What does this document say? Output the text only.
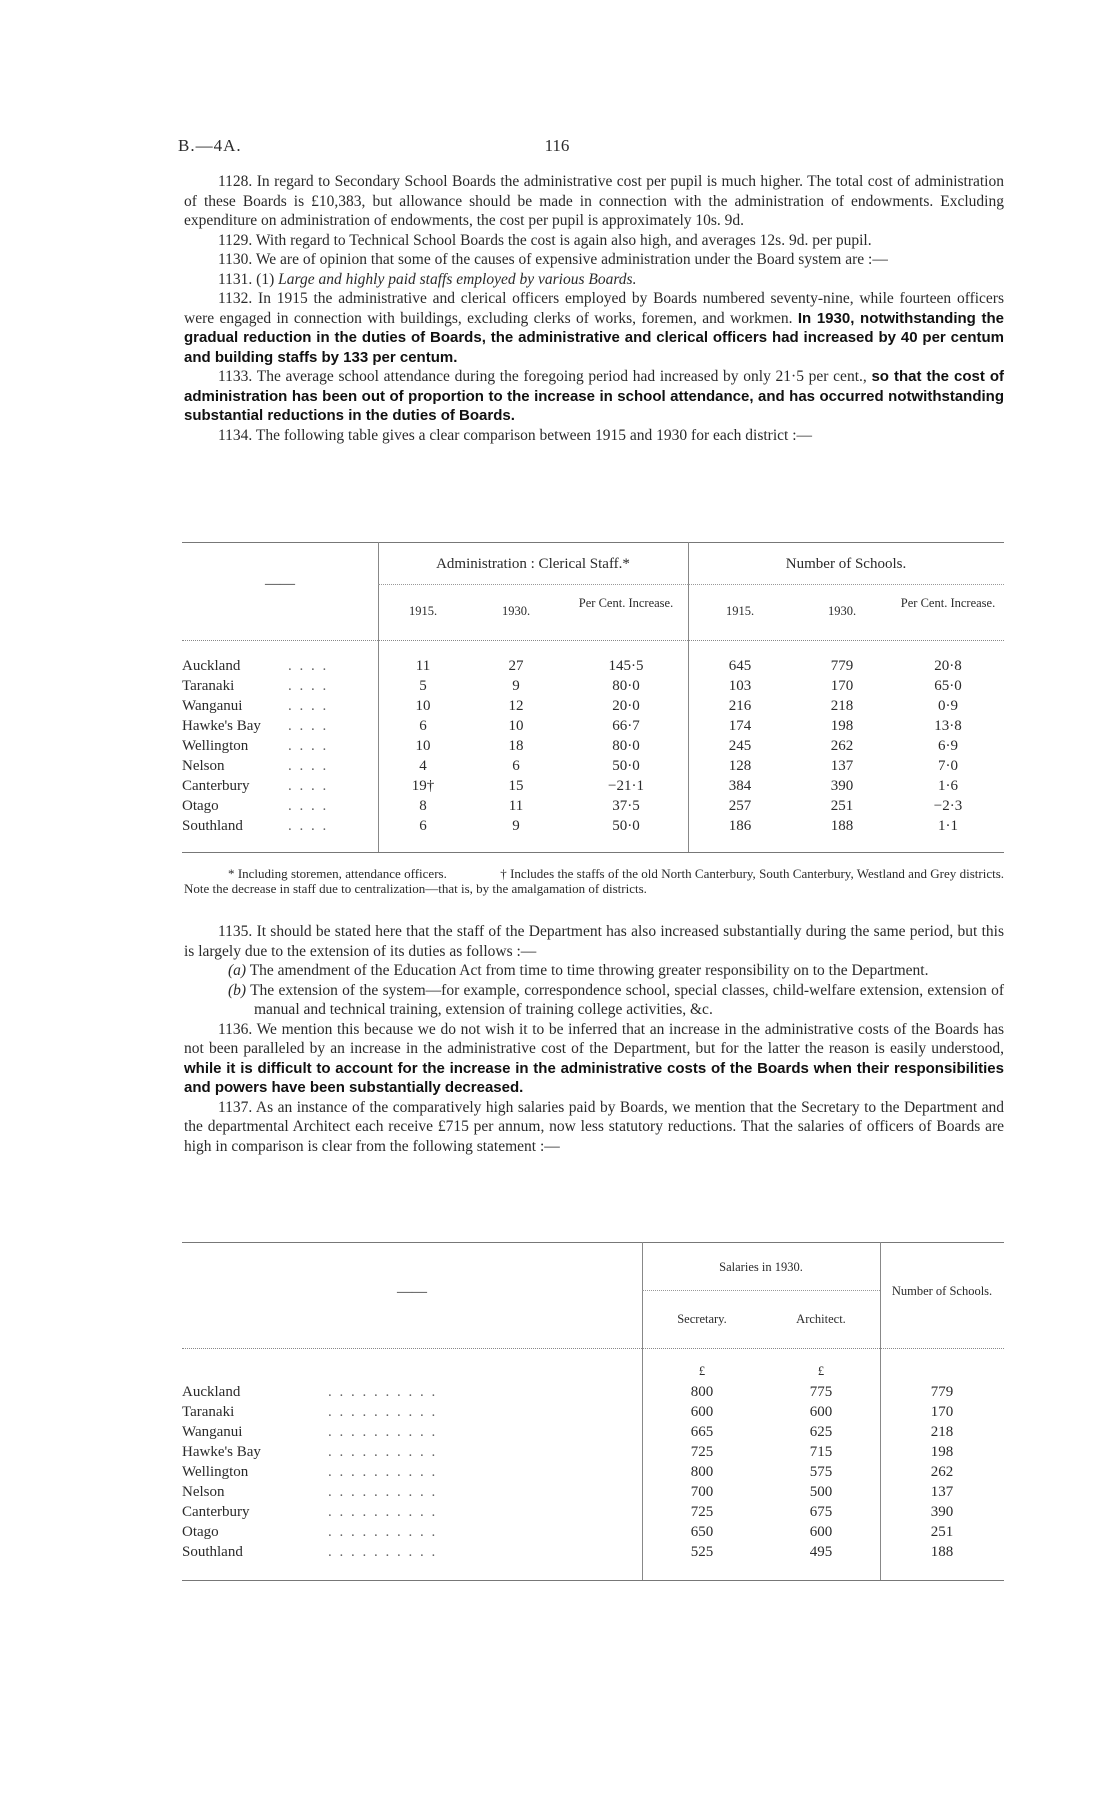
B.—4A.	116

1128. In regard to Secondary School Boards the administrative cost per pupil is much higher. The total cost of administration of these Boards is £10,383, but allowance should be made in connection with the administration of endowments. Excluding expenditure on administration of endowments, the cost per pupil is approximately 10s. 9d.

1129. With regard to Technical School Boards the cost is again also high, and averages 12s. 9d. per pupil.

1130. We are of opinion that some of the causes of expensive administration under the Board system are :—

1131. (1) Large and highly paid staffs employed by various Boards.

1132. In 1915 the administrative and clerical officers employed by Boards numbered seventy-nine, while fourteen officers were engaged in connection with buildings, excluding clerks of works, foremen, and workmen. In 1930, notwithstanding the gradual reduction in the duties of Boards, the administrative and clerical officers had increased by 40 per centum and building staffs by 133 per centum.

1133. The average school attendance during the foregoing period had increased by only 21·5 per cent., so that the cost of administration has been out of proportion to the increase in school attendance, and has occurred notwithstanding substantial reductions in the duties of Boards.

1134. The following table gives a clear comparison between 1915 and 1930 for each district :—

Administration : Clerical Staff.*	Number of Schools.
——
1915.	1930.
Per Cent. Increase.
1915.	1930.
Per Cent. Increase.
Auckland	. . . .	11	27	145·5	645	779	20·8
Taranaki	. . . .	5	9	80·0	103	170	65·0
Wanganui	. . . .	10	12	20·0	216	218	0·9
Hawke's Bay	. . . .	6	10	66·7	174	198	13·8
Wellington	. . . .	10	18	80·0	245	262	6·9
Nelson	. . . .	4	6	50·0	128	137	7·0
Canterbury	. . . .	19†	15	−21·1	384	390	1·6
Otago	. . . .	8	11	37·5	257	251	−2·3
Southland	. . . .	6	9	50·0	186	188	1·1
* Including storemen, attendance officers.	† Includes the staffs of the old North Canterbury, South Canterbury, Westland and Grey districts. Note the decrease in staff due to centralization—that is, by the amalgamation of districts.

1135. It should be stated here that the staff of the Department has also increased substantially during the same period, but this is largely due to the extension of its duties as follows :—

(a) The amendment of the Education Act from time to time throwing greater responsibility on to the Department.

(b) The extension of the system—for example, correspondence school, special classes, child-welfare extension, extension of manual and technical training, extension of training college activities, &c.

1136. We mention this because we do not wish it to be inferred that an increase in the administrative costs of the Boards has not been paralleled by an increase in the administrative cost of the Department, but for the latter the reason is easily understood, while it is difficult to account for the increase in the administrative costs of the Boards when their responsibilities and powers have been substantially decreased.

1137. As an instance of the comparatively high salaries paid by Boards, we mention that the Secretary to the Department and the departmental Architect each receive £715 per annum, now less statutory reductions. That the salaries of officers of Boards are high in comparison is clear from the following statement :—

——
Salaries in 1930.
Secretary.	Architect.
Number of Schools.
£	£
Auckland	. . . . . . . . . .	800	775	779
Taranaki	. . . . . . . . . .	600	600	170
Wanganui	. . . . . . . . . .	665	625	218
Hawke's Bay	. . . . . . . . . .	725	715	198
Wellington	. . . . . . . . . .	800	575	262
Nelson	. . . . . . . . . .	700	500	137
Canterbury	. . . . . . . . . .	725	675	390
Otago	. . . . . . . . . .	650	600	251
Southland	. . . . . . . . . .	525	495	188
